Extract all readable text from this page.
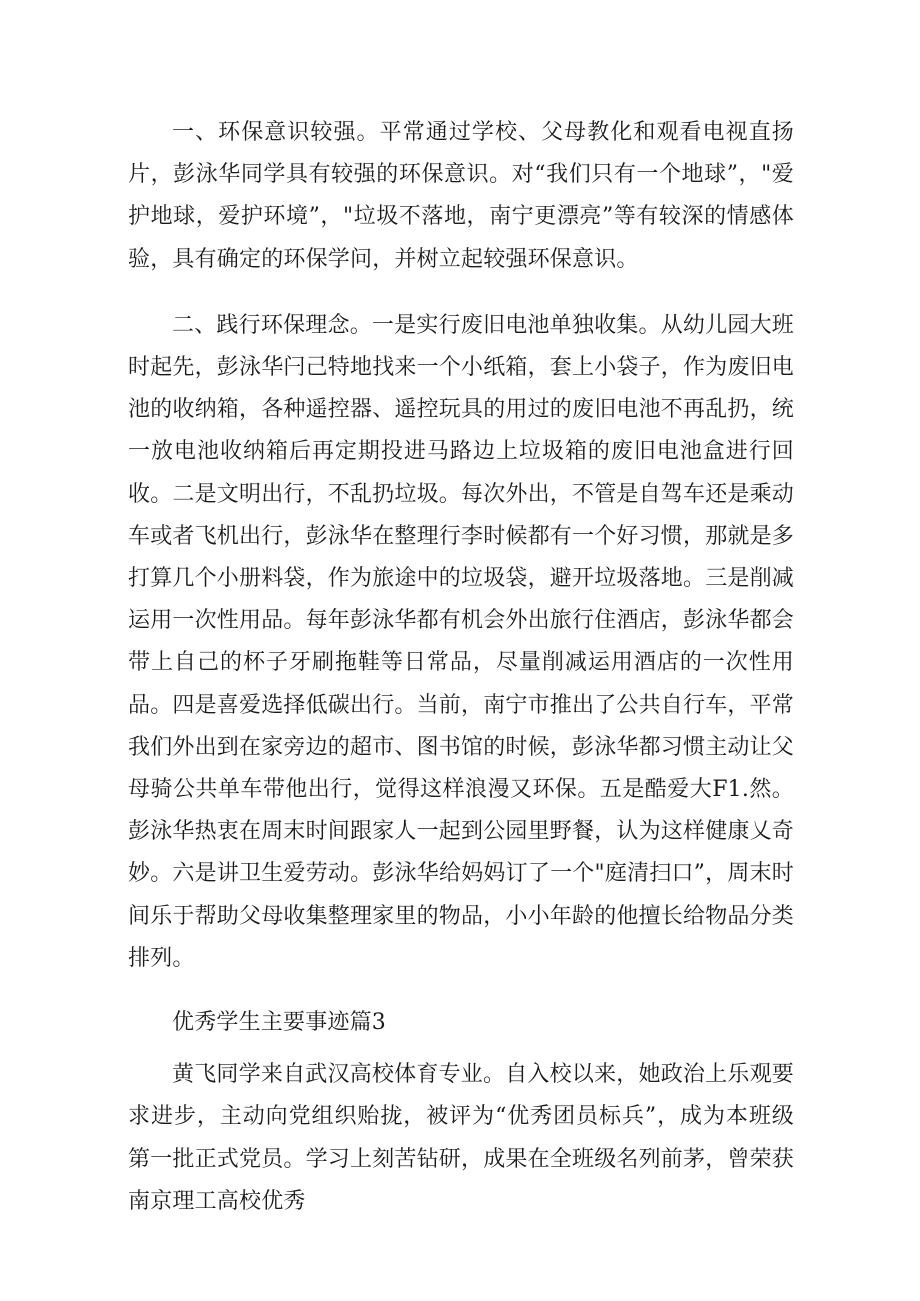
一、环保意识较强。平常通过学校、父母教化和观看电视直扬片，彭泳华同学具有较强的环保意识。对“我们只有一个地球”，"爱护地球，爱护环境”，"垃圾不落地，南宁更漂亮”等有较深的情感体验，具有确定的环保学问，并树立起较强环保意识。

二、践行环保理念。一是实行废旧电池单独收集。从幼儿园大班时起先，彭泳华闩己特地找来一个小纸箱，套上小袋子，作为废旧电池的收纳箱，各种遥控器、遥控玩具的用过的废旧电池不再乱扔，统一放电池收纳箱后再定期投进马路边上垃圾箱的废旧电池盒进行回收。二是文明出行，不乱扔垃圾。每次外出，不管是自驾车还是乘动车或者飞机出行，彭泳华在整理行李时候都有一个好习惯，那就是多打算几个小册料袋，作为旅途中的垃圾袋，避开垃圾落地。三是削减运用一次性用品。每年彭泳华都有机会外出旅行住酒店，彭泳华都会带上自己的杯子牙刷拖鞋等日常品，尽量削减运用酒店的一次性用品。四是喜爱选择低碳出行。当前，南宁市推出了公共自行车，平常我们外出到在家旁边的超市、图书馆的时候，彭泳华都习惯主动让父母骑公共单车带他出行，觉得这样浪漫又环保。五是酷爱大F1.然。彭泳华热衷在周末时间跟家人一起到公园里野餐，认为这样健康乂奇妙。六是讲卫生爱劳动。彭泳华给妈妈订了一个"庭清扫口”，周末时间乐于帮助父母收集整理家里的物品，小小年龄的他擅长给物品分类排列。

优秀学生主要事迹篇3

黄飞同学来自武汉高校体育专业。自入校以来，她政治上乐观要求进步，主动向党组织贻拢，被评为“优秀团员标兵”，成为本班级第一批正式党员。学习上刻苦钻研，成果在全班级名列前茅，曾荣获南京理工高校优秀
